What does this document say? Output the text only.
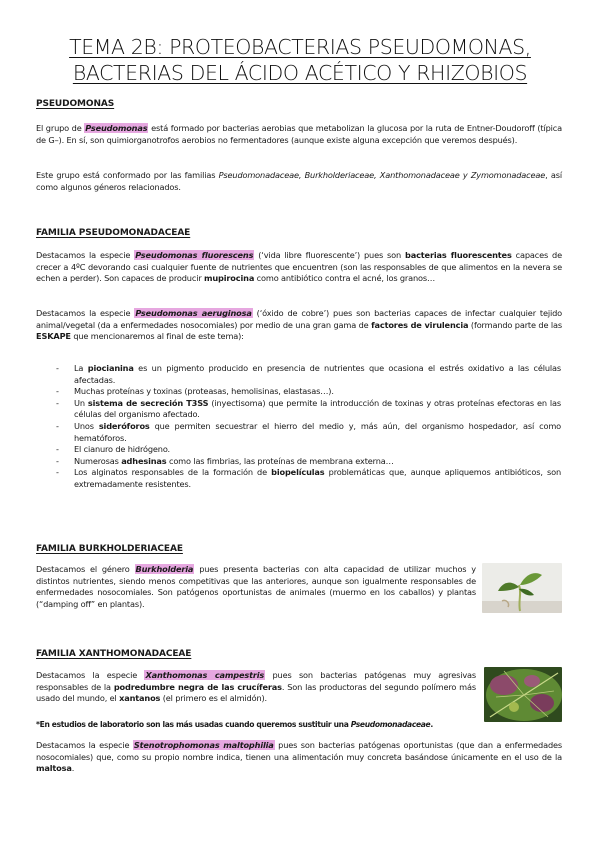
TEMA 2B: PROTEOBACTERIAS PSEUDOMONAS,
BACTERIAS DEL ÁCIDO ACÉTICO Y RHIZOBIOS
PSEUDOMONAS
El grupo de Pseudomonas está formado por bacterias aerobias que metabolizan la glucosa por la ruta de Entner-Doudoroff (típica de G–). En sí, son quimiorganotrofos aerobios no fermentadores (aunque existe alguna excepción que veremos después).
Este grupo está conformado por las familias Pseudomonadaceae, Burkholderiaceae, Xanthomonadaceae y Zymomonadaceae, así como algunos géneros relacionados.
FAMILIA PSEUDOMONADACEAE
Destacamos la especie Pseudomonas fluorescens (‘vida libre fluorescente’) pues son bacterias fluorescentes capaces de crecer a 4ºC devorando casi cualquier fuente de nutrientes que encuentren (son las responsables de que alimentos en la nevera se echen a perder). Son capaces de producir mupirocina como antibiótico contra el acné, los granos…
Destacamos la especie Pseudomonas aeruginosa (‘óxido de cobre’) pues son bacterias capaces de infectar cualquier tejido animal/vegetal (da a enfermedades nosocomiales) por medio de una gran gama de factores de virulencia (formando parte de las ESKAPE que mencionaremos al final de este tema):
- La piocianina es un pigmento producido en presencia de nutrientes que ocasiona el estrés oxidativo a las células afectadas.
- Muchas proteínas y toxinas (proteasas, hemolisinas, elastasas…).
- Un sistema de secreción T3SS (inyectisoma) que permite la introducción de toxinas y otras proteínas efectoras en las células del organismo afectado.
- Unos sideróforos que permiten secuestrar el hierro del medio y, más aún, del organismo hospedador, así como hematóforos.
- El cianuro de hidrógeno.
- Numerosas adhesinas como las fimbrias, las proteínas de membrana externa…
- Los alginatos responsables de la formación de biopelículas problemáticas que, aunque apliquemos antibióticos, son extremadamente resistentes.
FAMILIA BURKHOLDERIACEAE
Destacamos el género Burkholderia pues presenta bacterias con alta capacidad de utilizar muchos y distintos nutrientes, siendo menos competitivas que las anteriores, aunque son igualmente responsables de enfermedades nosocomiales. Son patógenos oportunistas de animales (muermo en los caballos) y plantas (“damping off” en plantas).
FAMILIA XANTHOMONADACEAE
Destacamos la especie Xanthomonas campestris pues son bacterias patógenas muy agresivas responsables de la podredumbre negra de las crucíferas. Son las productoras del segundo polímero más usado del mundo, el xantanos (el primero es el almidón).
*En estudios de laboratorio son las más usadas cuando queremos sustituir una Pseudomonadaceae.
Destacamos la especie Stenotrophomonas maltophilia pues son bacterias patógenas oportunistas (que dan a enfermedades nosocomiales) que, como su propio nombre indica, tienen una alimentación muy concreta basándose únicamente en el uso de la maltosa.
